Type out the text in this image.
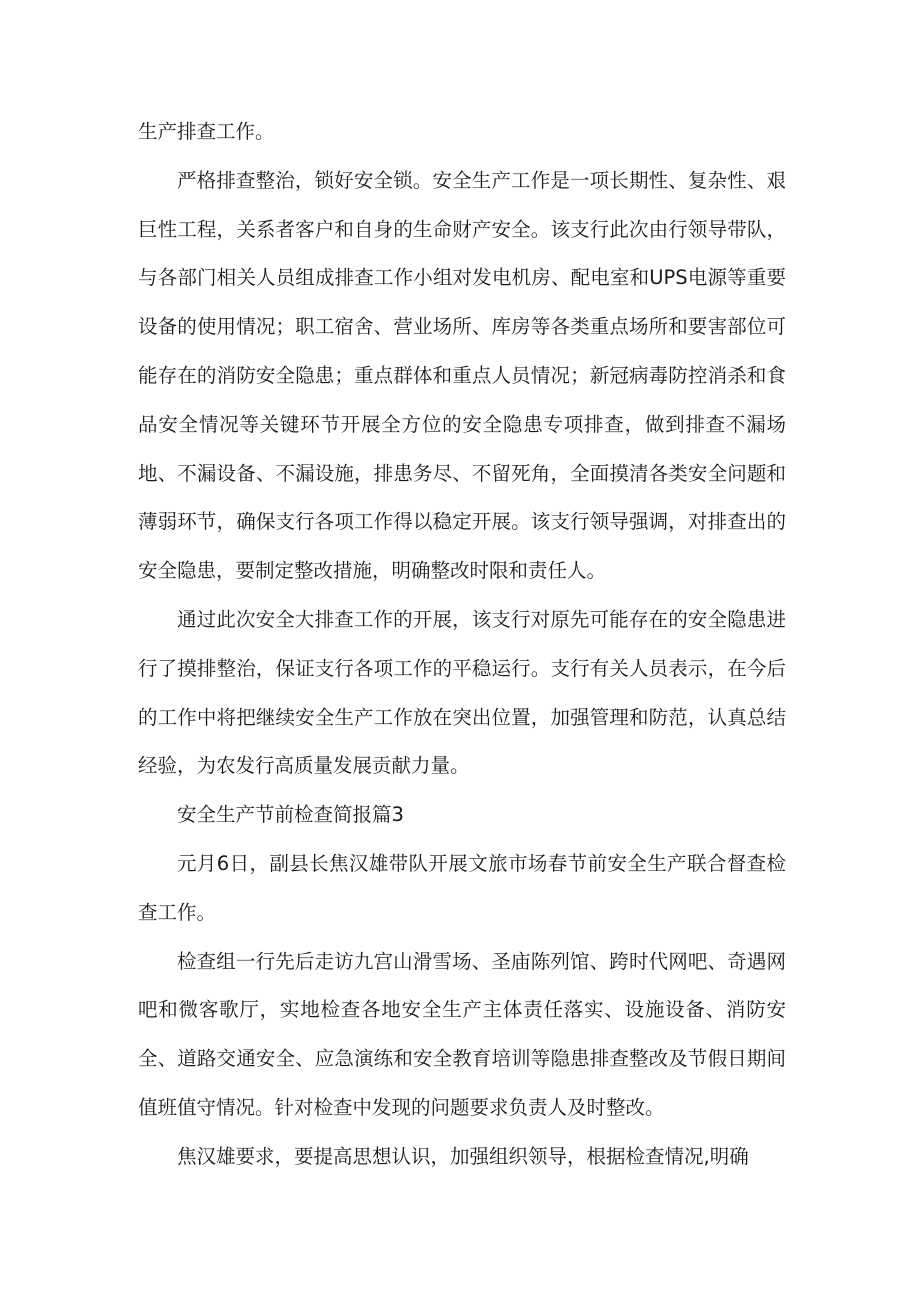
生产排查工作。

严格排查整治，锁好安全锁。安全生产工作是一项长期性、复杂性、艰巨性工程，关系者客户和自身的生命财产安全。该支行此次由行领导带队，与各部门相关人员组成排查工作小组对发电机房、配电室和UPS电源等重要设备的使用情况；职工宿舍、营业场所、库房等各类重点场所和要害部位可能存在的消防安全隐患；重点群体和重点人员情况；新冠病毒防控消杀和食品安全情况等关键环节开展全方位的安全隐患专项排查，做到排查不漏场地、不漏设备、不漏设施，排患务尽、不留死角，全面摸清各类安全问题和薄弱环节，确保支行各项工作得以稳定开展。该支行领导强调，对排查出的安全隐患，要制定整改措施，明确整改时限和责任人。

通过此次安全大排查工作的开展，该支行对原先可能存在的安全隐患进行了摸排整治，保证支行各项工作的平稳运行。支行有关人员表示，在今后的工作中将把继续安全生产工作放在突出位置，加强管理和防范，认真总结经验，为农发行高质量发展贡献力量。

安全生产节前检查简报篇3

元月6日，副县长焦汉雄带队开展文旅市场春节前安全生产联合督查检查工作。

检查组一行先后走访九宫山滑雪场、圣庙陈列馆、跨时代网吧、奇遇网吧和微客歌厅，实地检查各地安全生产主体责任落实、设施设备、消防安全、道路交通安全、应急演练和安全教育培训等隐患排查整改及节假日期间值班值守情况。针对检查中发现的问题要求负责人及时整改。

焦汉雄要求，要提高思想认识，加强组织领导，根据检查情况,明确
